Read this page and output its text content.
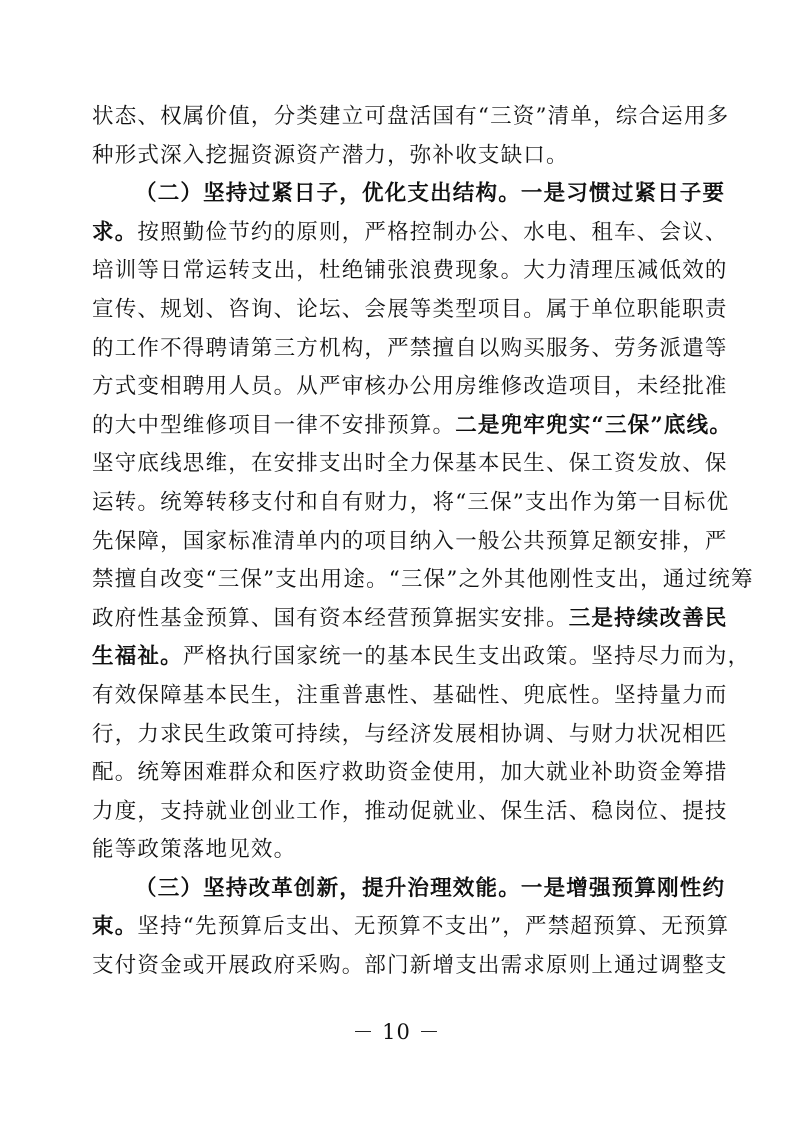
状态、权属价值，分类建立可盘活国有“三资”清单，综合运用多
种形式深入挖掘资源资产潜力，弥补收支缺口。
（二）坚持过紧日子，优化支出结构。一是习惯过紧日子要
求。按照勤俭节约的原则，严格控制办公、水电、租车、会议、
培训等日常运转支出，杜绝铺张浪费现象。大力清理压减低效的
宣传、规划、咨询、论坛、会展等类型项目。属于单位职能职责
的工作不得聘请第三方机构，严禁擅自以购买服务、劳务派遣等
方式变相聘用人员。从严审核办公用房维修改造项目，未经批准
的大中型维修项目一律不安排预算。二是兜牢兜实“三保”底线。
坚守底线思维，在安排支出时全力保基本民生、保工资发放、保
运转。统筹转移支付和自有财力，将“三保”支出作为第一目标优
先保障，国家标准清单内的项目纳入一般公共预算足额安排，严
禁擅自改变“三保”支出用途。“三保”之外其他刚性支出，通过统筹
政府性基金预算、国有资本经营预算据实安排。三是持续改善民
生福祉。严格执行国家统一的基本民生支出政策。坚持尽力而为，
有效保障基本民生，注重普惠性、基础性、兜底性。坚持量力而
行，力求民生政策可持续，与经济发展相协调、与财力状况相匹
配。统筹困难群众和医疗救助资金使用，加大就业补助资金筹措
力度，支持就业创业工作，推动促就业、保生活、稳岗位、提技
能等政策落地见效。
（三）坚持改革创新，提升治理效能。一是增强预算刚性约
束。坚持“先预算后支出、无预算不支出”，严禁超预算、无预算
支付资金或开展政府采购。部门新增支出需求原则上通过调整支
－ 10 －
